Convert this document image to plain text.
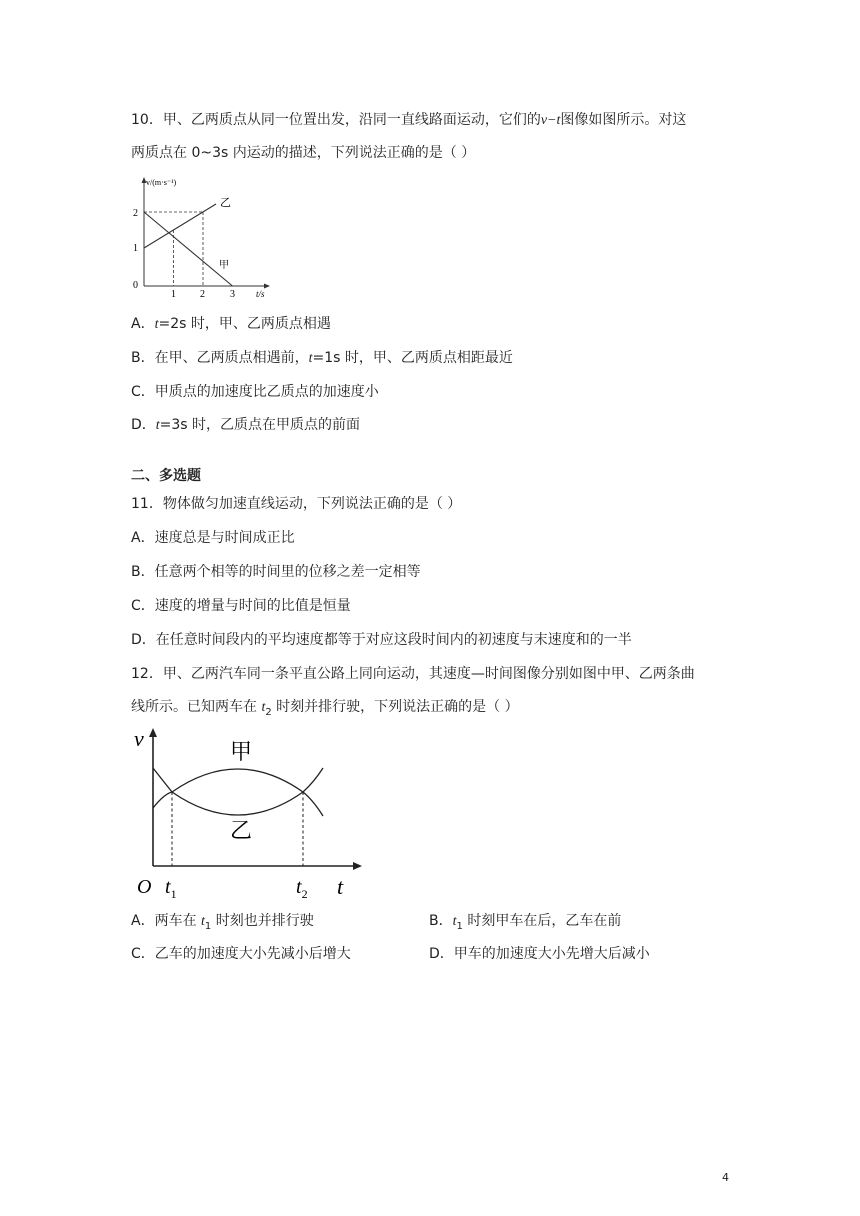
10．甲、乙两质点从同一位置出发，沿同一直线路面运动，它们的v−t图像如图所示。对这
两质点在 0~3s 内运动的描述，下列说法正确的是（ ）
v/(m·s⁻¹)
t/s
2
1
0
1 2	3
乙
甲
A．t=2s 时，甲、乙两质点相遇
B．在甲、乙两质点相遇前，t=1s 时，甲、乙两质点相距最近
C．甲质点的加速度比乙质点的加速度小
D．t=3s 时，乙质点在甲质点的前面
二、多选题
11．物体做匀加速直线运动，下列说法正确的是（ ）
A．速度总是与时间成正比
B．任意两个相等的时间里的位移之差一定相等
C．速度的增量与时间的比值是恒量
D．在任意时间段内的平均速度都等于对应这段时间内的初速度与末速度和的一半
12．甲、乙两汽车同一条平直公路上同向运动，其速度—时间图像分别如图中甲、乙两条曲
线所示。已知两车在 $t_2$ 时刻并排行驶，下列说法正确的是（ ）
v
O	t
$t_1$	$t_2$
甲
乙
A．两车在 $t_1$ 时刻也并排行驶	B．$t_1$ 时刻甲车在后，乙车在前
C．乙车的加速度大小先减小后增大	D．甲车的加速度大小先增大后减小
4
